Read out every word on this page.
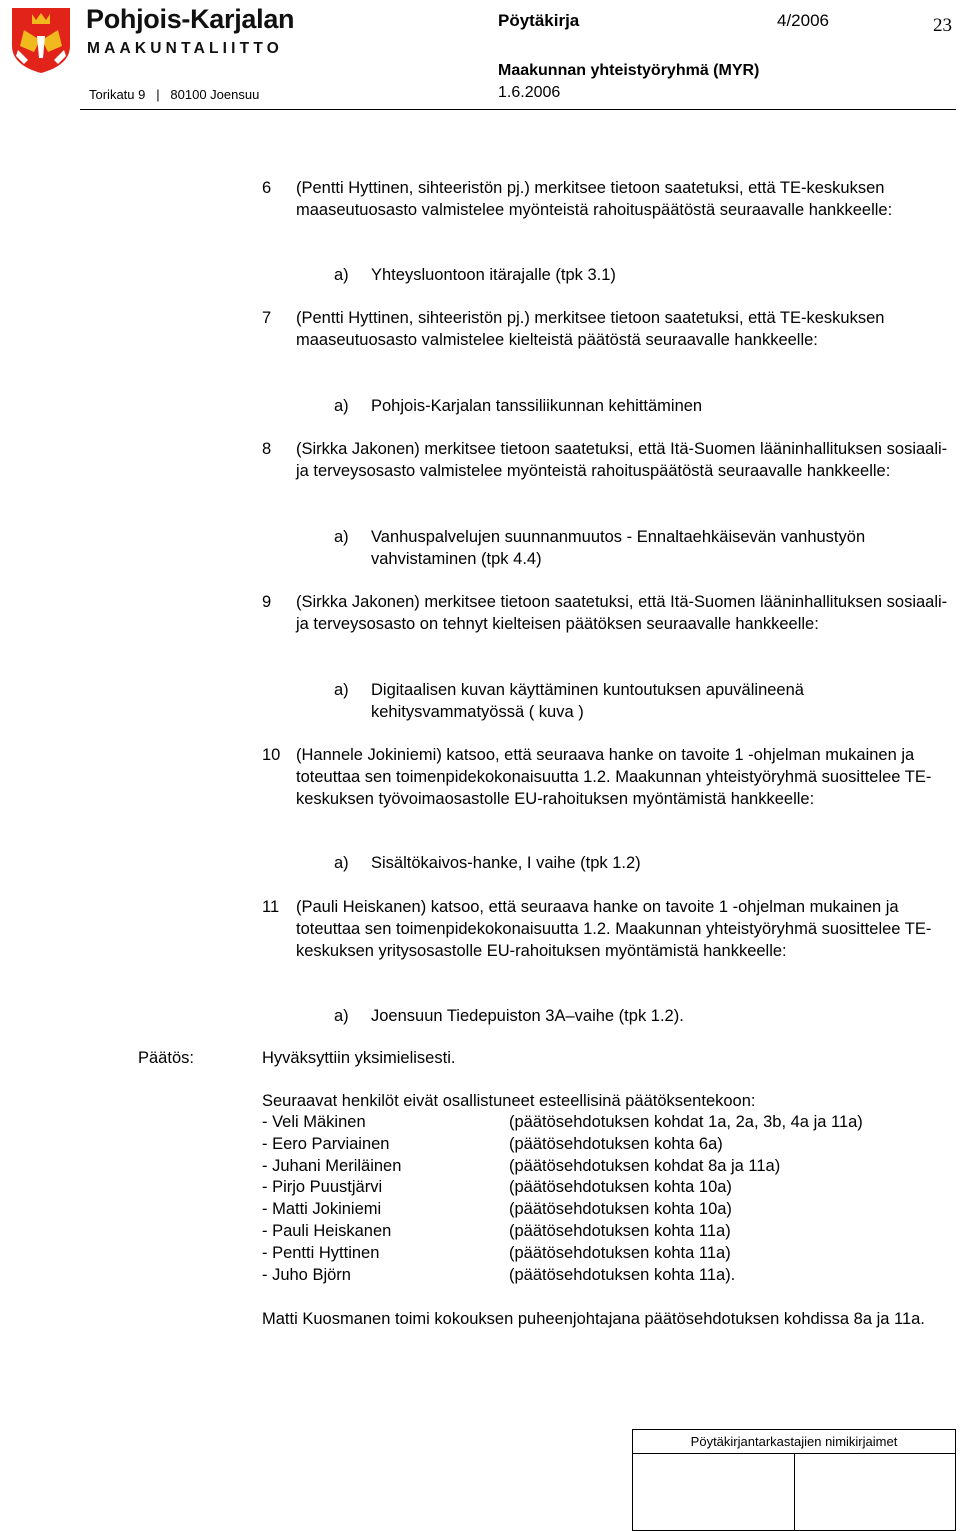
Pohjois-Karjalan
MAAKUNTALIITTO
Torikatu 9   |   80100 Joensuu
Pöytäkirja	4/2006	23
Maakunnan yhteistyöryhmä (MYR)
1.6.2006
6 (Pentti Hyttinen, sihteeristön pj.) merkitsee tietoon saatetuksi, että TE-keskuksen maaseutuosasto valmistelee myönteistä rahoituspäätöstä seuraavalle hankkeelle:
a) Yhteysluontoon itärajalle (tpk 3.1)
7 (Pentti Hyttinen, sihteeristön pj.) merkitsee tietoon saatetuksi, että TE-keskuksen maaseutuosasto valmistelee kielteistä päätöstä seuraavalle hankkeelle:
a) Pohjois-Karjalan tanssiliikunnan kehittäminen
8 (Sirkka Jakonen) merkitsee tietoon saatetuksi, että Itä-Suomen lääninhallituksen sosiaali- ja terveysosasto valmistelee myönteistä rahoituspäätöstä seuraavalle hankkeelle:
a) Vanhuspalvelujen suunnanmuutos - Ennaltaehkäisevän vanhustyön vahvistaminen (tpk 4.4)
9 (Sirkka Jakonen) merkitsee tietoon saatetuksi, että Itä-Suomen lääninhallituksen sosiaali- ja terveysosasto on tehnyt kielteisen päätöksen seuraavalle hankkeelle:
a) Digitaalisen kuvan käyttäminen kuntoutuksen apuvälineenä kehitysvammatyössä ( kuva )
10 (Hannele Jokiniemi) katsoo, että seuraava hanke on tavoite 1 -ohjelman mukainen ja toteuttaa sen toimenpidekokonaisuutta 1.2. Maakunnan yhteistyöryhmä suosittelee TE-keskuksen työvoimaosastolle EU-rahoituksen myöntämistä hankkeelle:
a) Sisältökaivos-hanke, I vaihe (tpk 1.2)
11 (Pauli Heiskanen) katsoo, että seuraava hanke on tavoite 1 -ohjelman mukainen ja toteuttaa sen toimenpidekokonaisuutta 1.2. Maakunnan yhteistyöryhmä suosittelee TE-keskuksen yritysosastolle EU-rahoituksen myöntämistä hankkeelle:
a) Joensuun Tiedepuiston 3A–vaihe (tpk 1.2).
Päätös:	Hyväksyttiin yksimielisesti.
Seuraavat henkilöt eivät osallistuneet esteellisinä päätöksentekoon:
- Veli Mäkinen	(päätösehdotuksen kohdat 1a, 2a, 3b, 4a ja 11a)
- Eero Parviainen	(päätösehdotuksen kohta 6a)
- Juhani Meriläinen	(päätösehdotuksen kohdat 8a ja 11a)
- Pirjo Puustjärvi	(päätösehdotuksen kohta 10a)
- Matti Jokiniemi	(päätösehdotuksen kohta 10a)
- Pauli Heiskanen	(päätösehdotuksen kohta 11a)
- Pentti Hyttinen	(päätösehdotuksen kohta 11a)
- Juho Björn	(päätösehdotuksen kohta 11a).
Matti Kuosmanen toimi kokouksen puheenjohtajana päätösehdotuksen kohdissa 8a ja 11a.
Pöytäkirjantarkastajien nimikirjaimet
